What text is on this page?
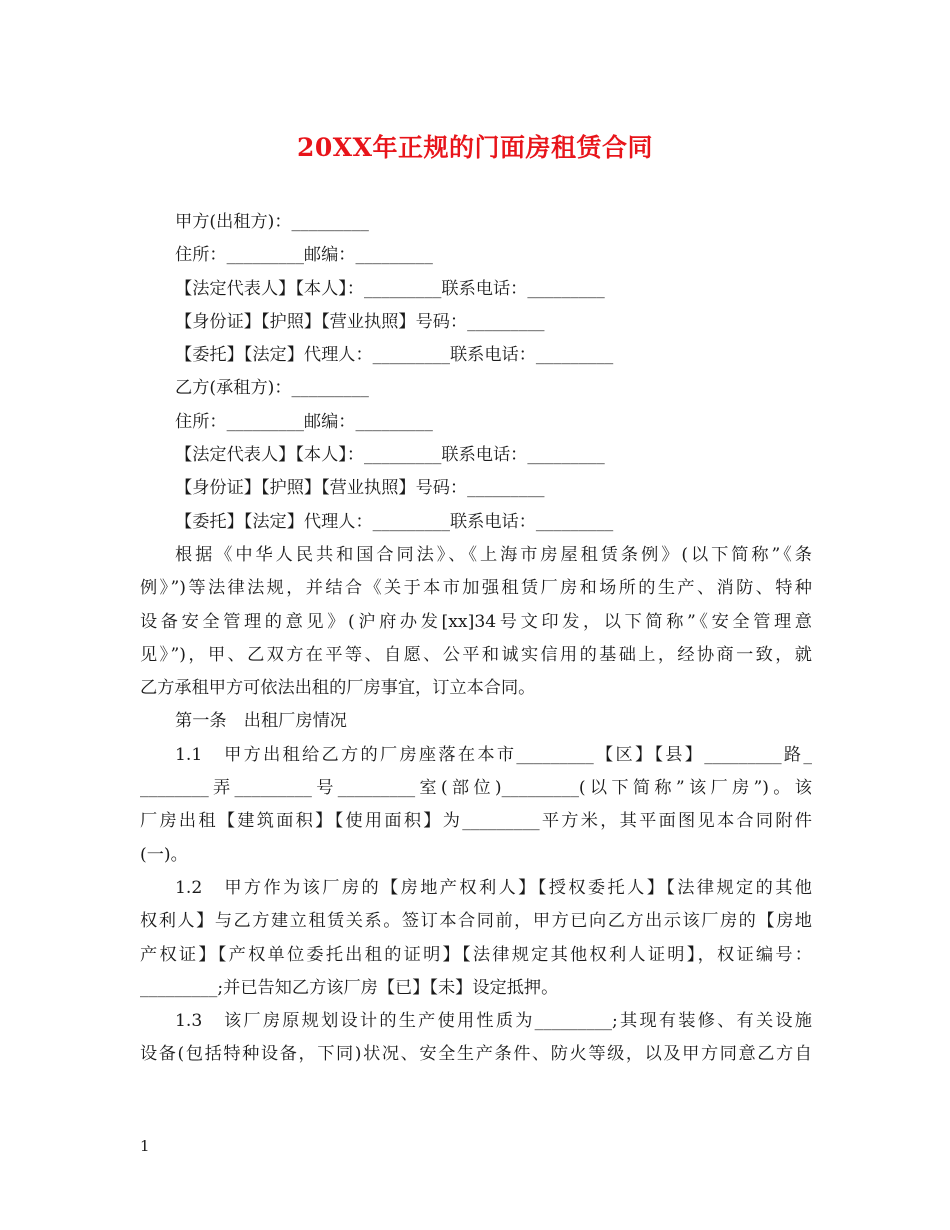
20XX年正规的门面房租赁合同
甲方(出租方)：_________
住所：_________邮编：_________
【法定代表人】【本人】：_________联系电话：_________
【身份证】【护照】【营业执照】号码：_________
【委托】【法定】代理人：_________联系电话：_________
乙方(承租方)：_________
住所：_________邮编：_________
【法定代表人】【本人】：_________联系电话：_________
【身份证】【护照】【营业执照】号码：_________
【委托】【法定】代理人：_________联系电话：_________
根据《中华人民共和国合同法》、《上海市房屋租赁条例》(以下简称”《条
例》”)等法律法规，并结合《关于本市加强租赁厂房和场所的生产、消防、特种
设备安全管理的意见》(沪府办发[xx]34号文印发，以下简称”《安全管理意
见》”)，甲、乙双方在平等、自愿、公平和诚实信用的基础上，经协商一致，就
乙方承租甲方可依法出租的厂房事宜，订立本合同。
第一条　出租厂房情况
1.1　甲方出租给乙方的厂房座落在本市_________【区】【县】_________路_
________弄_________号_________室(部位)_________(以下简称”该厂房”)。该
厂房出租【建筑面积】【使用面积】为_________平方米，其平面图见本合同附件
(一)。
1.2　甲方作为该厂房的【房地产权利人】【授权委托人】【法律规定的其他
权利人】与乙方建立租赁关系。签订本合同前，甲方已向乙方出示该厂房的【房地
产权证】【产权单位委托出租的证明】【法律规定其他权利人证明】，权证编号：
_________;并已告知乙方该厂房【已】【未】设定抵押。
1.3　该厂房原规划设计的生产使用性质为_________;其现有装修、有关设施
设备(包括特种设备，下同)状况、安全生产条件、防火等级，以及甲方同意乙方自
1
